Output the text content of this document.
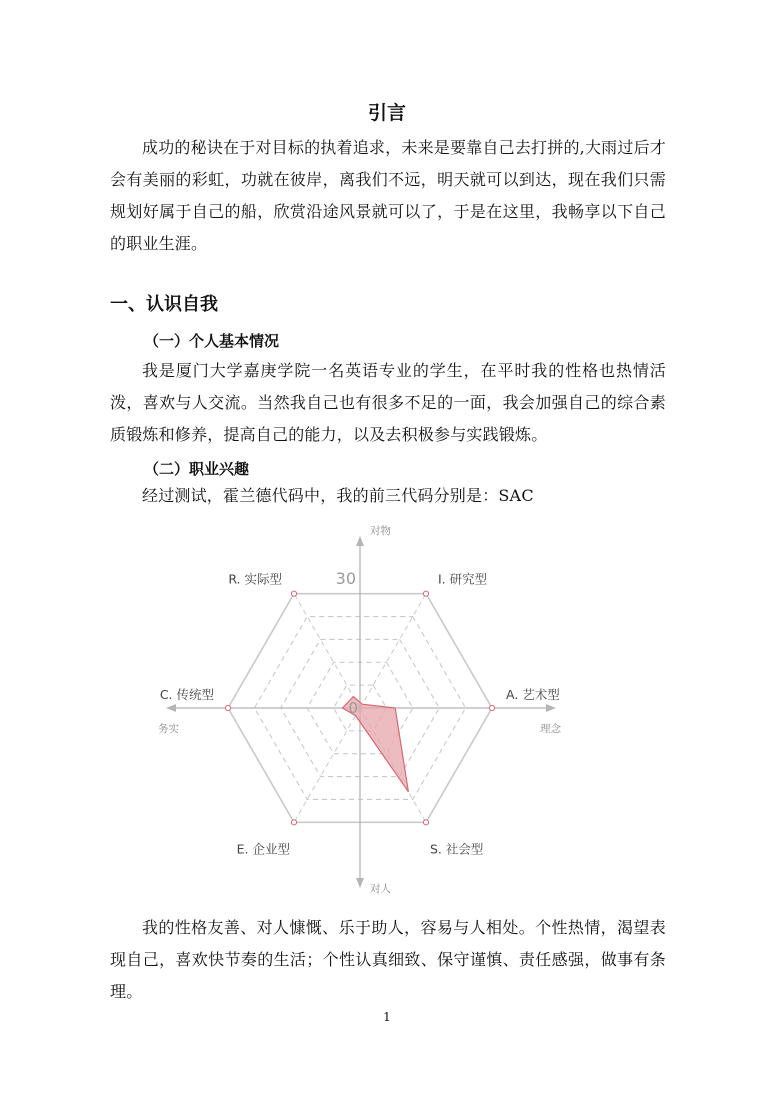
引言

成功的秘诀在于对目标的执着追求，未来是要靠自己去打拼的,大雨过后才会有美丽的彩虹，功就在彼岸，离我们不远，明天就可以到达，现在我们只需规划好属于自己的船，欣赏沿途风景就可以了，于是在这里，我畅享以下自己的职业生涯。

一、认识自我
（一）个人基本情况

我是厦门大学嘉庚学院一名英语专业的学生，在平时我的性格也热情活泼，喜欢与人交流。当然我自己也有很多不足的一面，我会加强自己的综合素质锻炼和修养，提高自己的能力，以及去积极参与实践锻炼。

（二）职业兴趣

经过测试，霍兰德代码中，我的前三代码分别是：SAC

I. 研究型
A. 艺术型
S. 社会型
E. 企业型
C. 传统型
R. 实际型	30
0
对物
对人
务实	理念

我的性格友善、对人慷慨、乐于助人，容易与人相处。个性热情，渴望表现自己，喜欢快节奏的生活；个性认真细致、保守谨慎、责任感强，做事有条理。

1
